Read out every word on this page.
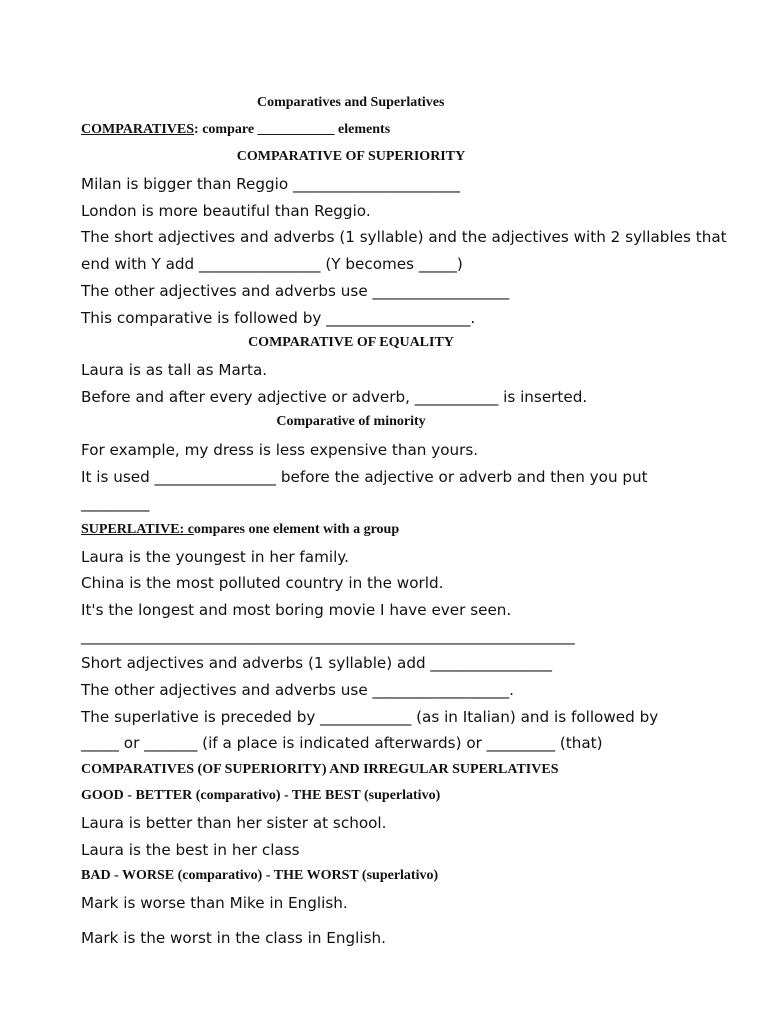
Comparatives and Superlatives
COMPARATIVES: compare ___________ elements
COMPARATIVE OF SUPERIORITY
Milan is bigger than Reggio ______________________
London is more beautiful than Reggio.
The short adjectives and adverbs (1 syllable) and the adjectives with 2 syllables that
end with Y add ________________ (Y becomes _____)
The other adjectives and adverbs use __________________
This comparative is followed by ___________________.
COMPARATIVE OF EQUALITY
Laura is as tall as Marta.
Before and after every adjective or adverb, ___________ is inserted.
Comparative of minority
For example, my dress is less expensive than yours.
It is used ________________ before the adjective or adverb and then you put
_________
SUPERLATIVE: compares one element with a group
Laura is the youngest in her family.
China is the most polluted country in the world.
It's the longest and most boring movie I have ever seen.
_________________________________________________________________
Short adjectives and adverbs (1 syllable) add ________________
The other adjectives and adverbs use __________________.
The superlative is preceded by ____________ (as in Italian) and is followed by
_____ or _______ (if a place is indicated afterwards) or _________ (that)
COMPARATIVES (OF SUPERIORITY) AND IRREGULAR SUPERLATIVES
GOOD - BETTER (comparativo) - THE BEST (superlativo)
Laura is better than her sister at school.
Laura is the best in her class
BAD - WORSE (comparativo) - THE WORST (superlativo)
Mark is worse than Mike in English.
Mark is the worst in the class in English.
